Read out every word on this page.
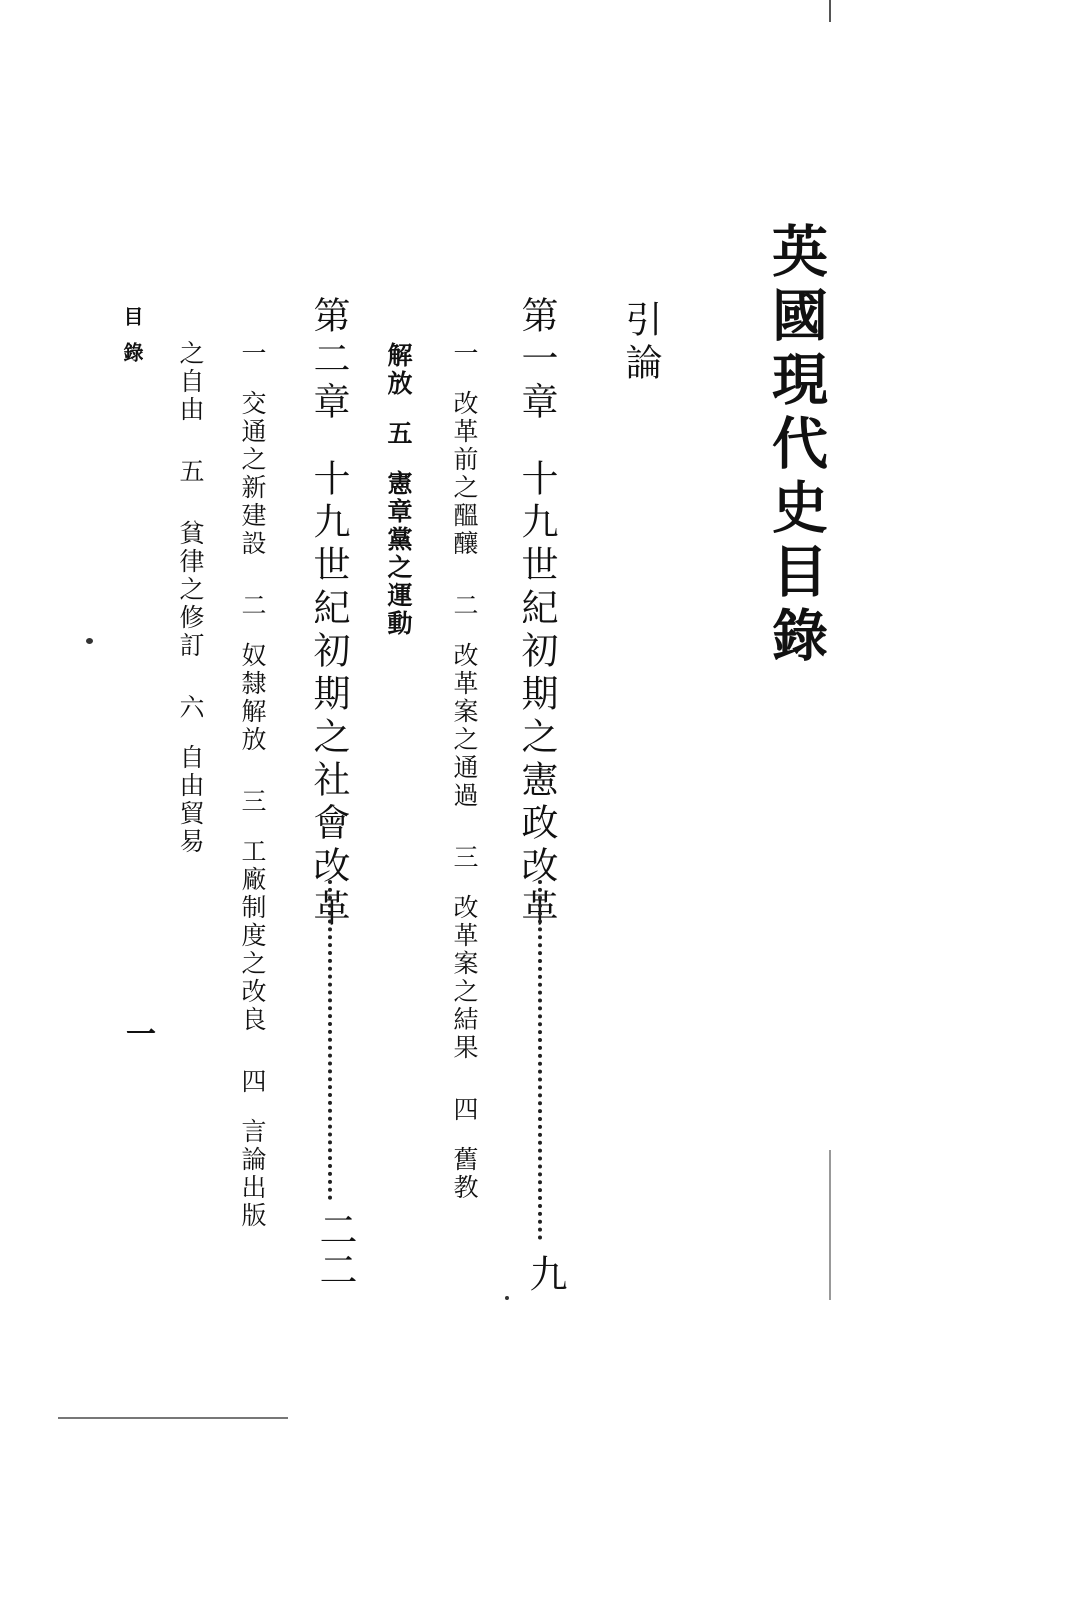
英國現代史目錄
引論
第一章十九世紀初期之憲政改革
九
一改革前之醞釀二改革案之通過三改革案之結果四舊教
解放五憲章黨之運動
第二章十九世紀初期之社會改革
二二
一交通之新建設二奴隸解放三工廠制度之改良四言論出版
之自由五貧律之修訂六自由貿易
目錄
一
